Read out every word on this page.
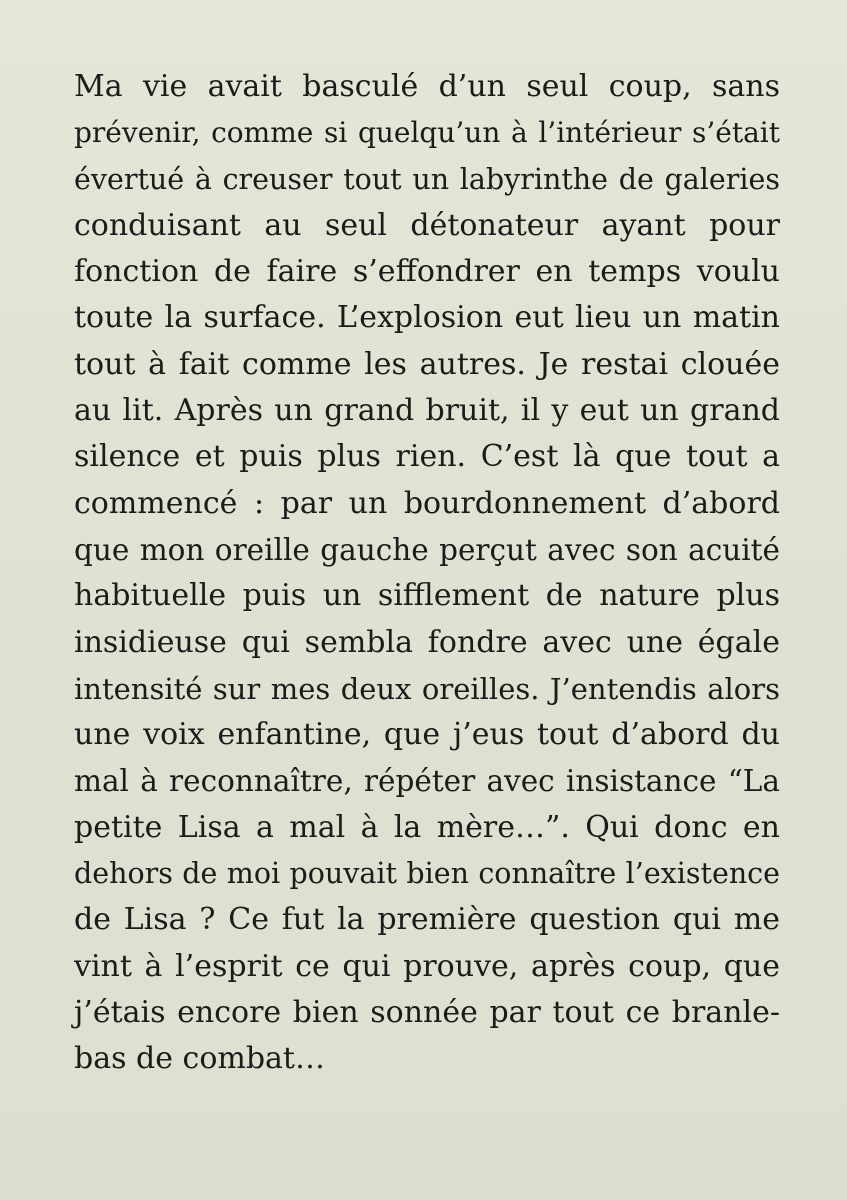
Ma vie avait basculé d’un seul coup, sans
prévenir, comme si quelqu’un à l’intérieur s’était
évertué à creuser tout un labyrinthe de galeries
conduisant au seul détonateur ayant pour
fonction de faire s’effondrer en temps voulu
toute la surface. L’explosion eut lieu un matin
tout à fait comme les autres. Je restai clouée
au lit. Après un grand bruit, il y eut un grand
silence et puis plus rien. C’est là que tout a
commencé : par un bourdonnement d’abord
que mon oreille gauche perçut avec son acuité
habituelle puis un sifflement de nature plus
insidieuse qui sembla fondre avec une égale
intensité sur mes deux oreilles. J’entendis alors
une voix enfantine, que j’eus tout d’abord du
mal à reconnaître, répéter avec insistance “La
petite Lisa a mal à la mère…”. Qui donc en
dehors de moi pouvait bien connaître l’existence
de Lisa ? Ce fut la première question qui me
vint à l’esprit ce qui prouve, après coup, que
j’étais encore bien sonnée par tout ce branle-
bas de combat…
